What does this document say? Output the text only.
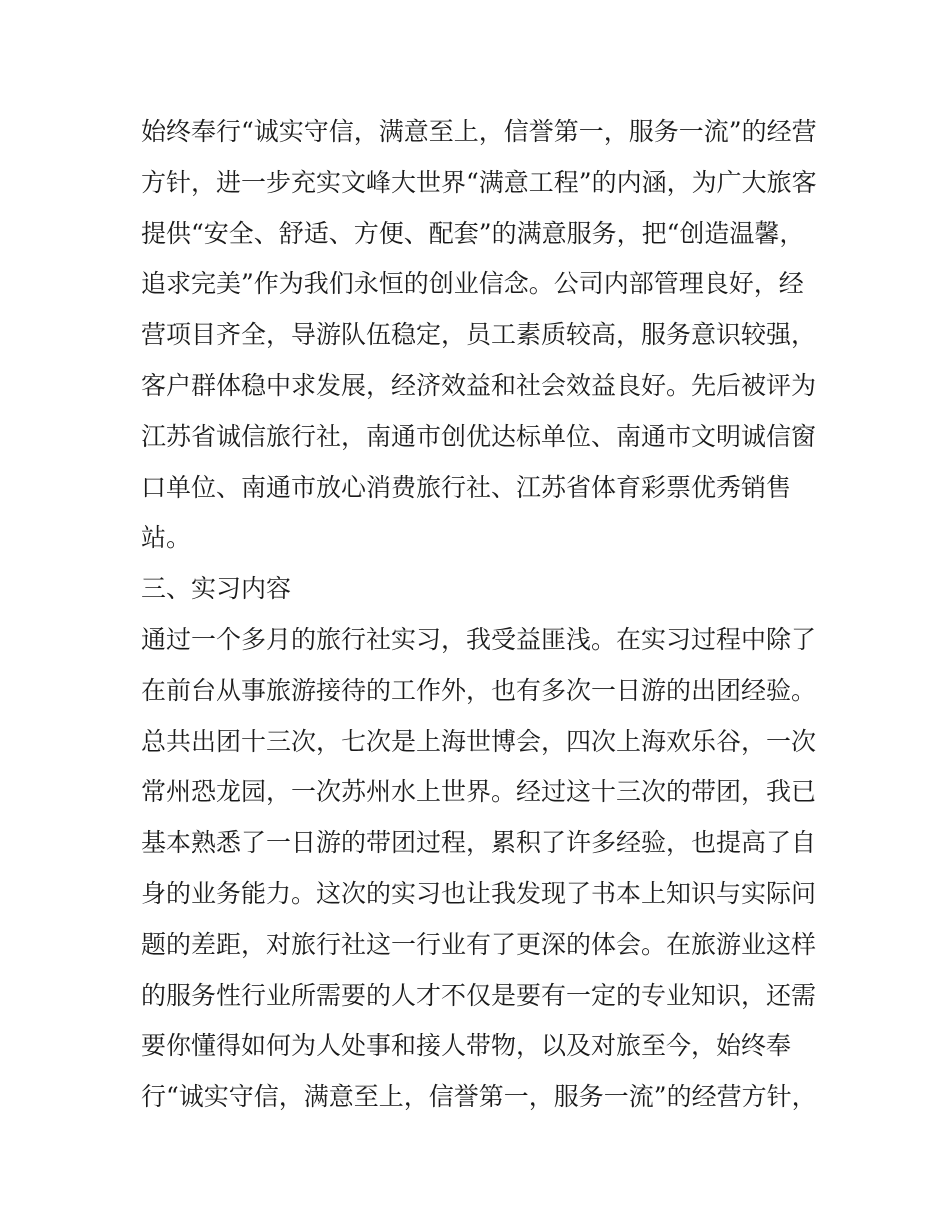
始终奉行“诚实守信，满意至上，信誉第一，服务一流”的经营
方针，进一步充实文峰大世界“满意工程”的内涵，为广大旅客
提供“安全、舒适、方便、配套”的满意服务，把“创造温馨，
追求完美”作为我们永恒的创业信念。公司内部管理良好，经
营项目齐全，导游队伍稳定，员工素质较高，服务意识较强，
客户群体稳中求发展，经济效益和社会效益良好。先后被评为
江苏省诚信旅行社，南通市创优达标单位、南通市文明诚信窗
口单位、南通市放心消费旅行社、江苏省体育彩票优秀销售
站。
三、实习内容
通过一个多月的旅行社实习，我受益匪浅。在实习过程中除了
在前台从事旅游接待的工作外，也有多次一日游的出团经验。
总共出团十三次，七次是上海世博会，四次上海欢乐谷，一次
常州恐龙园，一次苏州水上世界。经过这十三次的带团，我已
基本熟悉了一日游的带团过程，累积了许多经验，也提高了自
身的业务能力。这次的实习也让我发现了书本上知识与实际问
题的差距，对旅行社这一行业有了更深的体会。在旅游业这样
的服务性行业所需要的人才不仅是要有一定的专业知识，还需
要你懂得如何为人处事和接人带物，以及对旅至今，始终奉
行“诚实守信，满意至上，信誉第一，服务一流”的经营方针，
